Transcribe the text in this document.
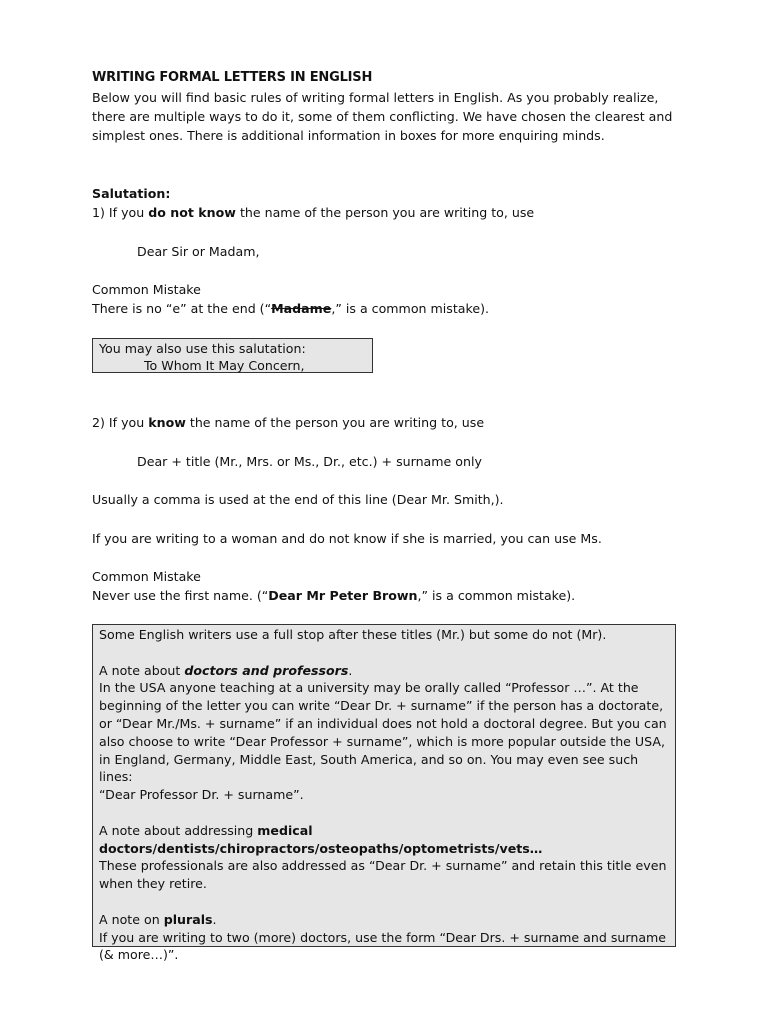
WRITING FORMAL LETTERS IN ENGLISH
Below you will find basic rules of writing formal letters in English. As you probably realize,
there are multiple ways to do it, some of them conflicting. We have chosen the clearest and
simplest ones. There is additional information in boxes for more enquiring minds.
Salutation:
1) If you do not know the name of the person you are writing to, use
Dear Sir or Madam,
Common Mistake
There is no “e” at the end (“Madame,” is a common mistake).
You may also use this salutation:
To Whom It May Concern,
2) If you know the name of the person you are writing to, use
Dear + title (Mr., Mrs. or Ms., Dr., etc.) + surname only
Usually a comma is used at the end of this line (Dear Mr. Smith,).
If you are writing to a woman and do not know if she is married, you can use Ms.
Common Mistake
Never use the first name. (“Dear Mr Peter Brown,” is a common mistake).

Some English writers use a full stop after these titles (Mr.) but some do not (Mr).

A note about doctors and professors.

In the USA anyone teaching at a university may be orally called “Professor …”. At the

beginning of the letter you can write “Dear Dr. + surname” if the person has a doctorate,

or “Dear Mr./Ms. + surname” if an individual does not hold a doctoral degree. But you can

also choose to write “Dear Professor + surname”, which is more popular outside the USA,

in England, Germany, Middle East, South America, and so on. You may even see such lines:

“Dear Professor Dr. + surname”.

A note about addressing medical

doctors/dentists/chiropractors/osteopaths/optometrists/vets…

These professionals are also addressed as “Dear Dr. + surname” and retain this title even

when they retire.

A note on plurals.

If you are writing to two (more) doctors, use the form “Dear Drs. + surname and surname

(& more…)”.
